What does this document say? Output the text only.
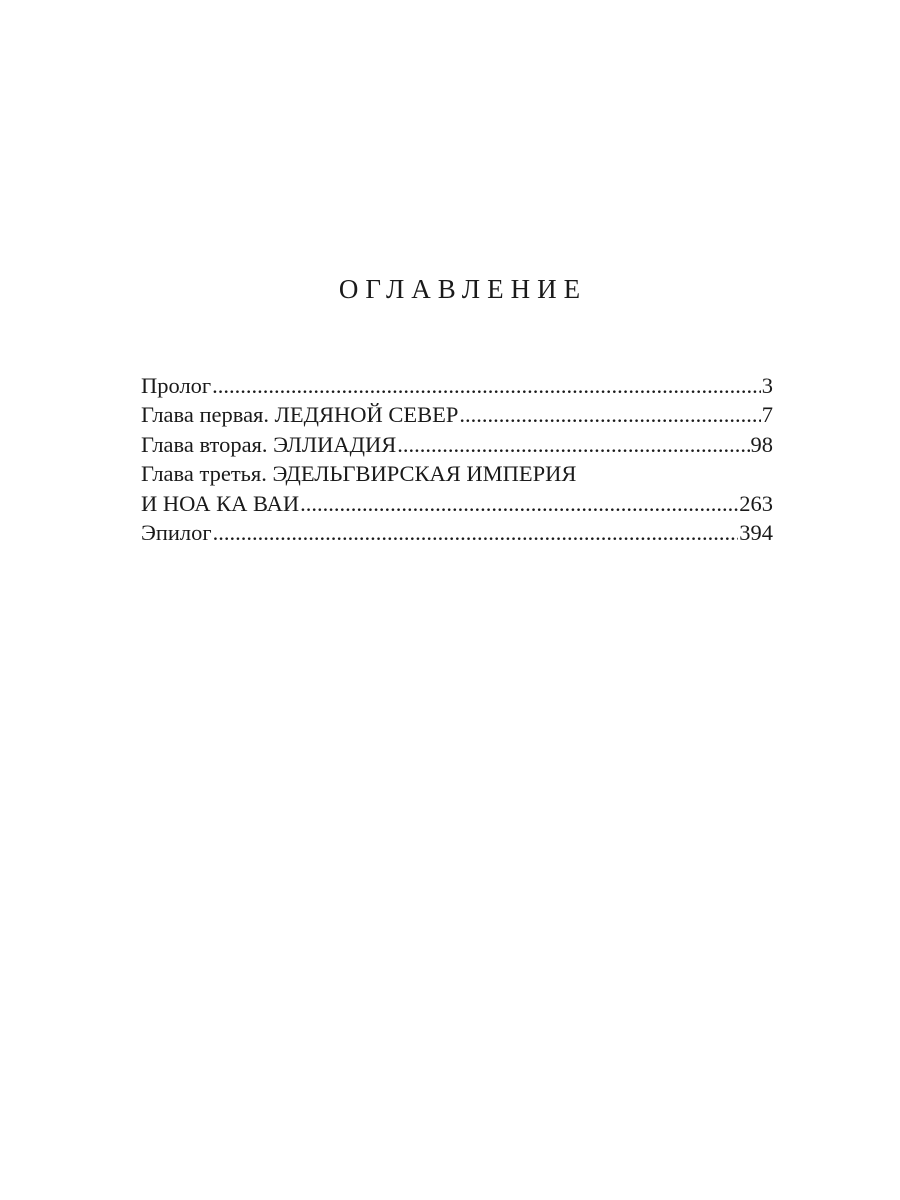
ОГЛАВЛЕНИЕ
Пролог .....	3
Глава первая. ЛЕДЯНОЙ СЕВЕР .....	7
Глава вторая. ЭЛЛИАДИЯ .....	98
Глава третья. ЭДЕЛЬГВИРСКАЯ ИМПЕРИЯ
И НОА КА ВАИ .....	263
Эпилог .....	394
